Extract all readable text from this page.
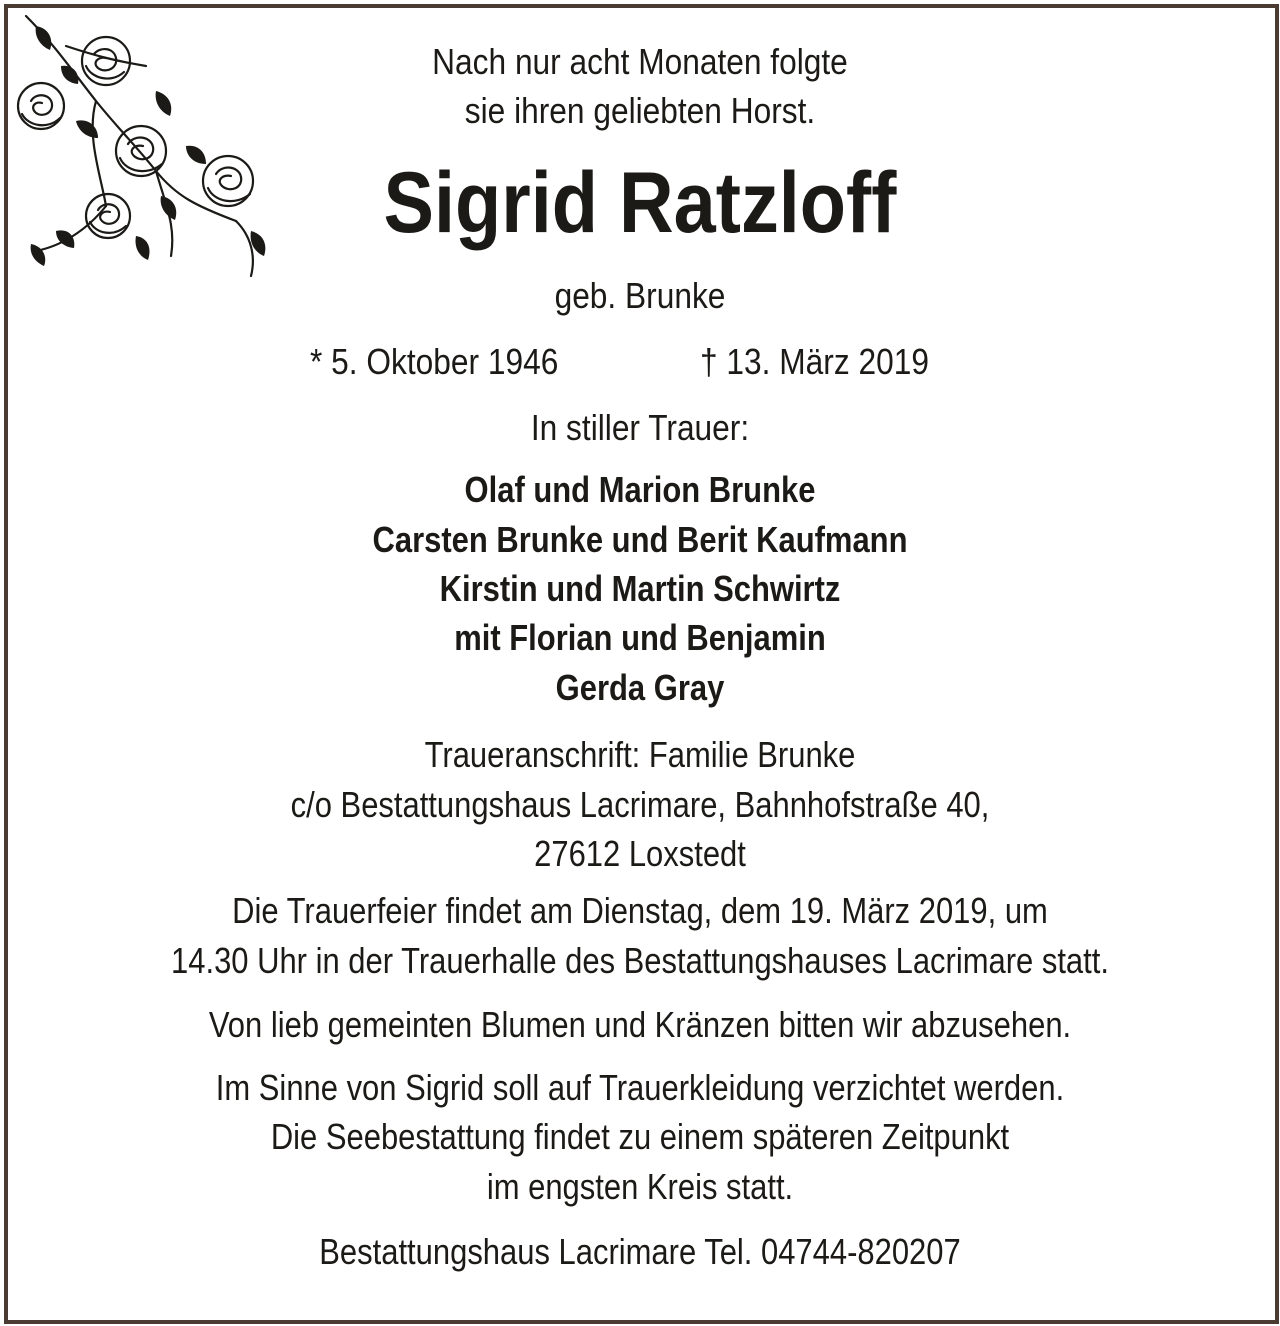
Nach nur acht Monaten folgte
sie ihren geliebten Horst.
Sigrid Ratzloff
geb. Brunke
* 5. Oktober 1946	† 13. März 2019
In stiller Trauer:
Olaf und Marion Brunke
Carsten Brunke und Berit Kaufmann
Kirstin und Martin Schwirtz
mit Florian und Benjamin
Gerda Gray
Traueranschrift: Familie Brunke
c/o Bestattungshaus Lacrimare, Bahnhofstraße 40,
27612 Loxstedt
Die Trauerfeier findet am Dienstag, dem 19. März 2019, um
14.30 Uhr in der Trauerhalle des Bestattungshauses Lacrimare statt.
Von lieb gemeinten Blumen und Kränzen bitten wir abzusehen.
Im Sinne von Sigrid soll auf Trauerkleidung verzichtet werden.
Die Seebestattung findet zu einem späteren Zeitpunkt
im engsten Kreis statt.
Bestattungshaus Lacrimare Tel. 04744-820207
